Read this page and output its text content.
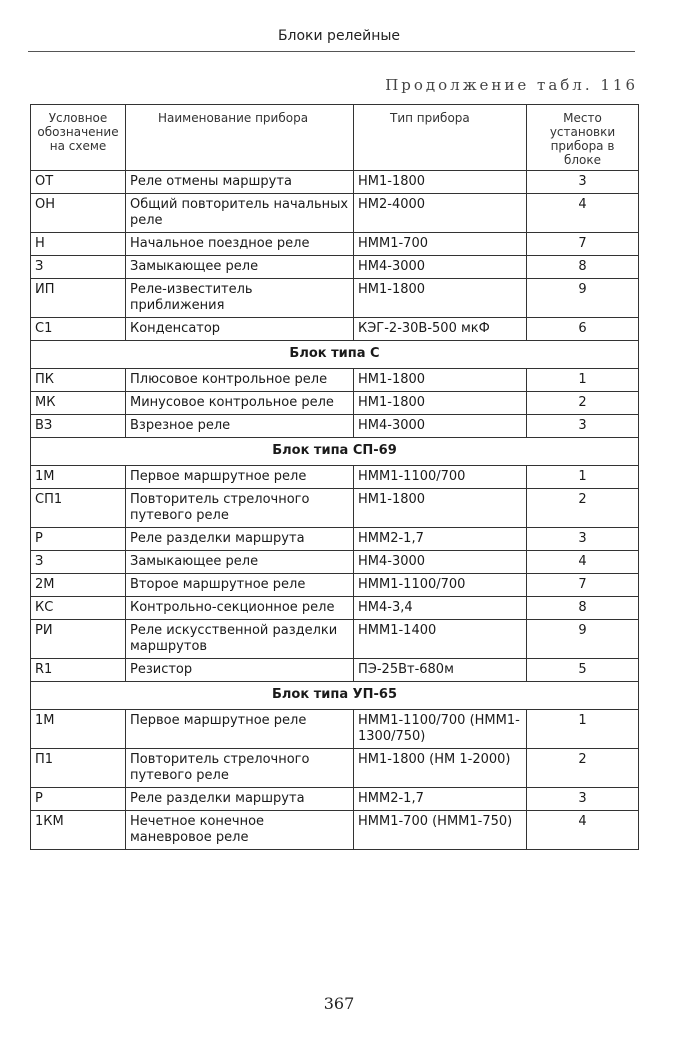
Блоки релейные
Продолжение табл. 116
Условное обозначение на схеме	Наименование прибора	Тип прибора	Место установки прибора в блоке
ОТ	Реле отмены маршрута	НМ1-1800	3
ОН	Общий повторитель начальных реле	НМ2-4000	4
Н	Начальное поездное реле	НММ1-700	7
З	Замыкающее реле	НМ4-3000	8
ИП	Реле-известитель приближения	НМ1-1800	9
С1	Конденсатор	КЭГ-2-30В-500 мкФ	6
Блок типа С			
ПК	Плюсовое контрольное реле	НМ1-1800	1
МК	Минусовое контрольное реле	НМ1-1800	2
ВЗ	Взрезное реле	НМ4-3000	3
Блок типа СП-69			
1М	Первое маршрутное реле	НММ1-1100/700	1
СП1	Повторитель стрелочного путевого реле	НМ1-1800	2
Р	Реле разделки маршрута	НММ2-1,7	3
З	Замыкающее реле	НМ4-3000	4
2М	Второе маршрутное реле	НММ1-1100/700	7
КС	Контрольно-секционное реле	НМ4-3,4	8
РИ	Реле искусственной разделки маршрутов	НММ1-1400	9
R1	Резистор	ПЭ-25Вт-680м	5
Блок типа УП-65			
1М	Первое маршрутное реле	НММ1-1100/700 (НММ1-1300/750)	1
П1	Повторитель стрелочного путевого реле	НМ1-1800 (НМ 1-2000)	2
Р	Реле разделки маршрута	НММ2-1,7	3
1КМ	Нечетное конечное маневровое реле	НММ1-700 (НММ1-750)	4
367
